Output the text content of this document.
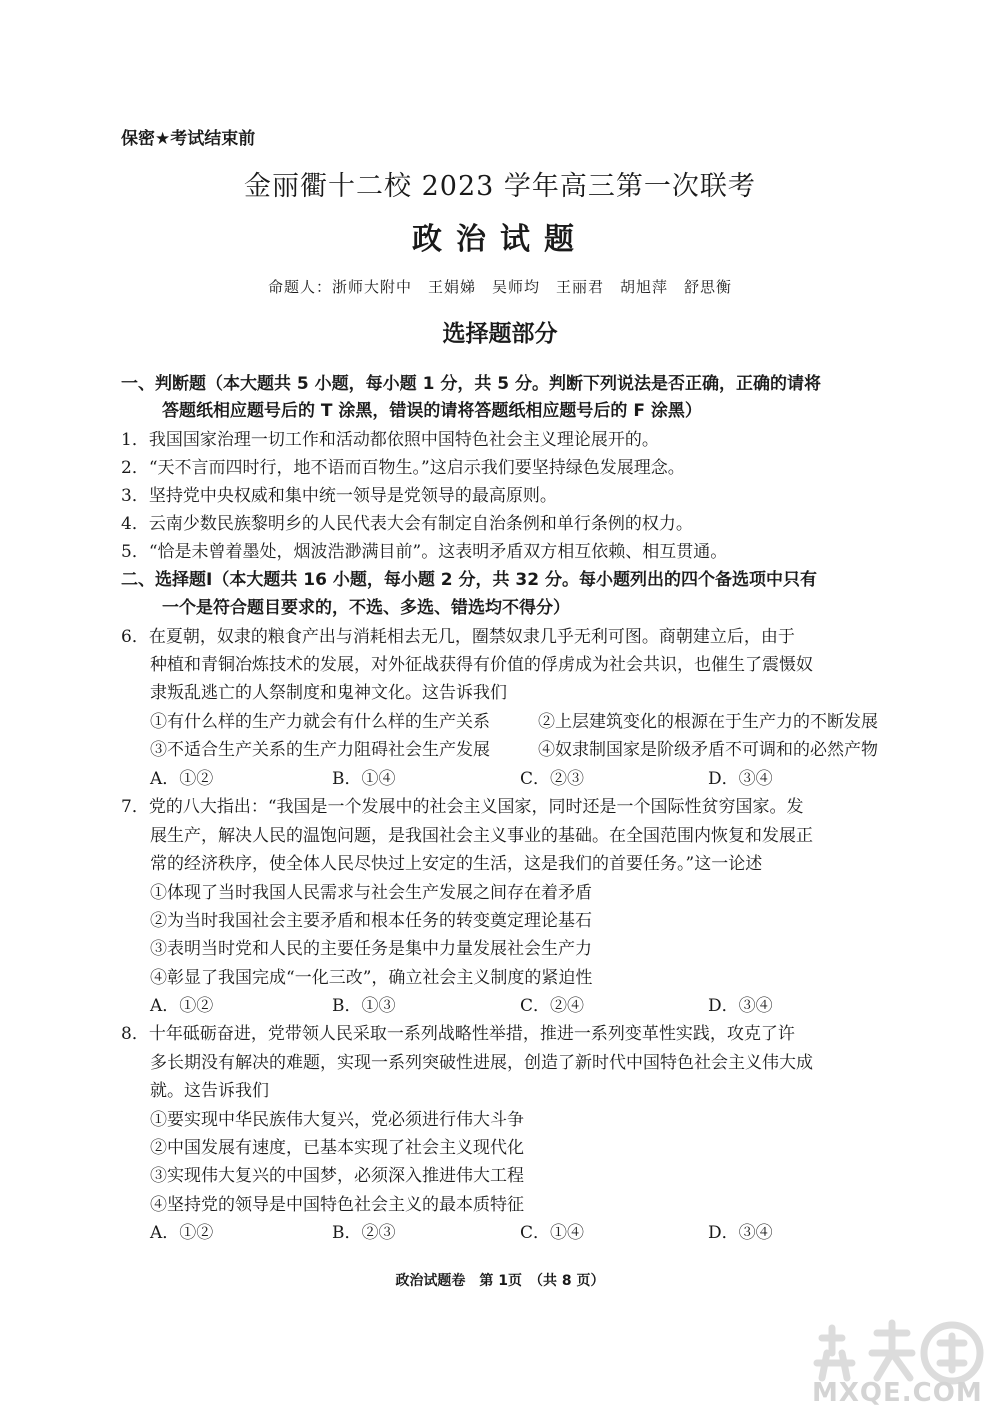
保密★考试结束前
金丽衢十二校 2023 学年高三第一次联考
政治试题
命题人：浙师大附中　王娟娣　吴师均　王丽君　胡旭萍　舒思衡
选择题部分
一、判断题（本大题共 5 小题，每小题 1 分，共 5 分。判断下列说法是否正确，正确的请将
答题纸相应题号后的 T 涂黑，错误的请将答题纸相应题号后的 F 涂黑）
1．我国国家治理一切工作和活动都依照中国特色社会主义理论展开的。
2．“天不言而四时行，地不语而百物生。”这启示我们要坚持绿色发展理念。
3．坚持党中央权威和集中统一领导是党领导的最高原则。
4．云南少数民族黎明乡的人民代表大会有制定自治条例和单行条例的权力。
5．“恰是未曾着墨处，烟波浩渺满目前”。这表明矛盾双方相互依赖、相互贯通。
二、选择题Ⅰ（本大题共 16 小题，每小题 2 分，共 32 分。每小题列出的四个备选项中只有
一个是符合题目要求的，不选、多选、错选均不得分）
6．在夏朝，奴隶的粮食产出与消耗相去无几，圈禁奴隶几乎无利可图。商朝建立后，由于
种植和青铜冶炼技术的发展，对外征战获得有价值的俘虏成为社会共识，也催生了震慑奴
隶叛乱逃亡的人祭制度和鬼神文化。这告诉我们
①有什么样的生产力就会有什么样的生产关系	②上层建筑变化的根源在于生产力的不断发展
③不适合生产关系的生产力阻碍社会生产发展	④奴隶制国家是阶级矛盾不可调和的必然产物
A．①②	B．①④	C．②③	D．③④
7．党的八大指出：“我国是一个发展中的社会主义国家，同时还是一个国际性贫穷国家。发
展生产，解决人民的温饱问题，是我国社会主义事业的基础。在全国范围内恢复和发展正
常的经济秩序，使全体人民尽快过上安定的生活，这是我们的首要任务。”这一论述
①体现了当时我国人民需求与社会生产发展之间存在着矛盾
②为当时我国社会主要矛盾和根本任务的转变奠定理论基石
③表明当时党和人民的主要任务是集中力量发展社会生产力
④彰显了我国完成“一化三改”，确立社会主义制度的紧迫性
A．①②	B．①③	C．②④	D．③④
8．十年砥砺奋进，党带领人民采取一系列战略性举措，推进一系列变革性实践，攻克了许
多长期没有解决的难题，实现一系列突破性进展，创造了新时代中国特色社会主义伟大成
就。这告诉我们
①要实现中华民族伟大复兴，党必须进行伟大斗争
②中国发展有速度，已基本实现了社会主义现代化
③实现伟大复兴的中国梦，必须深入推进伟大工程
④坚持党的领导是中国特色社会主义的最本质特征
A．①②	B．②③	C．①④	D．③④
政治试题卷　第 1页　（共 8 页）
MXQE.COM
